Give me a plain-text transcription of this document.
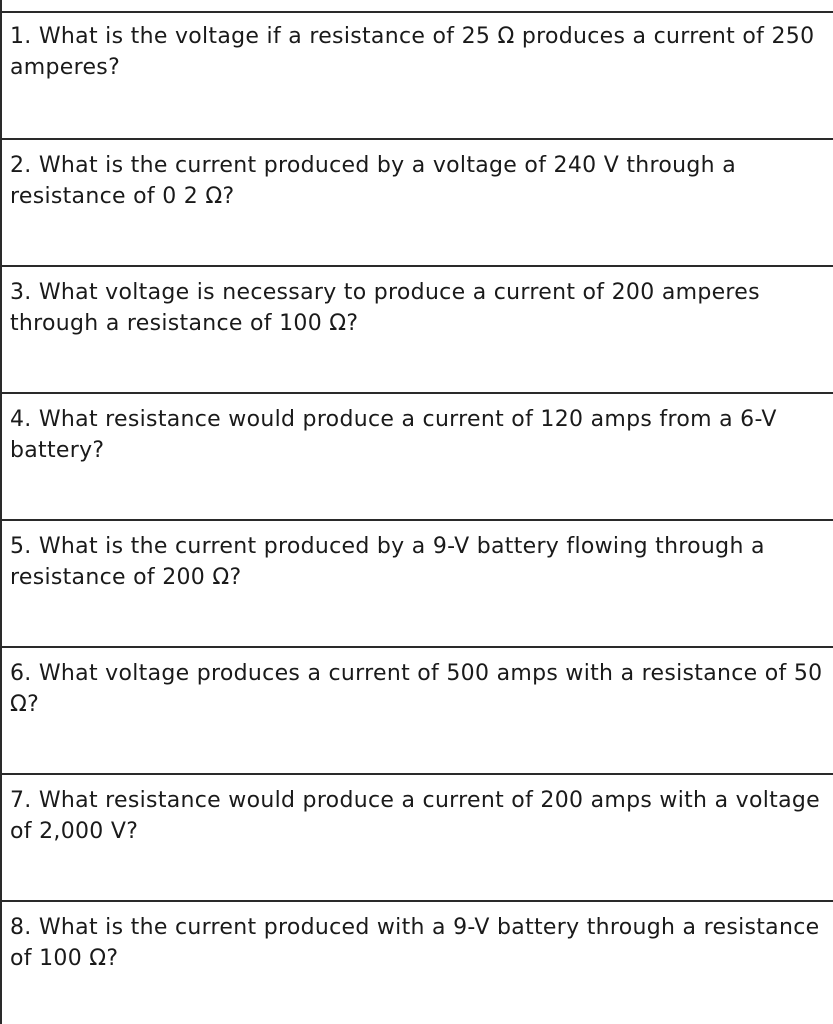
1. What is the voltage if a resistance of 25 Ω produces a current of 250 amperes?
2. What is the current produced by a voltage of 240 V through a resistance of 0 2 Ω?
3. What voltage is necessary to produce a current of 200 amperes through a resistance of 100 Ω?
4. What resistance would produce a current of 120 amps from a 6-V battery?
5. What is the current produced by a 9-V battery flowing through a resistance of 200 Ω?
6. What voltage produces a current of 500 amps with a resistance of 50 Ω?
7. What resistance would produce a current of 200 amps with a voltage of 2,000 V?
8. What is the current produced with a 9-V battery through a resistance of 100 Ω?
